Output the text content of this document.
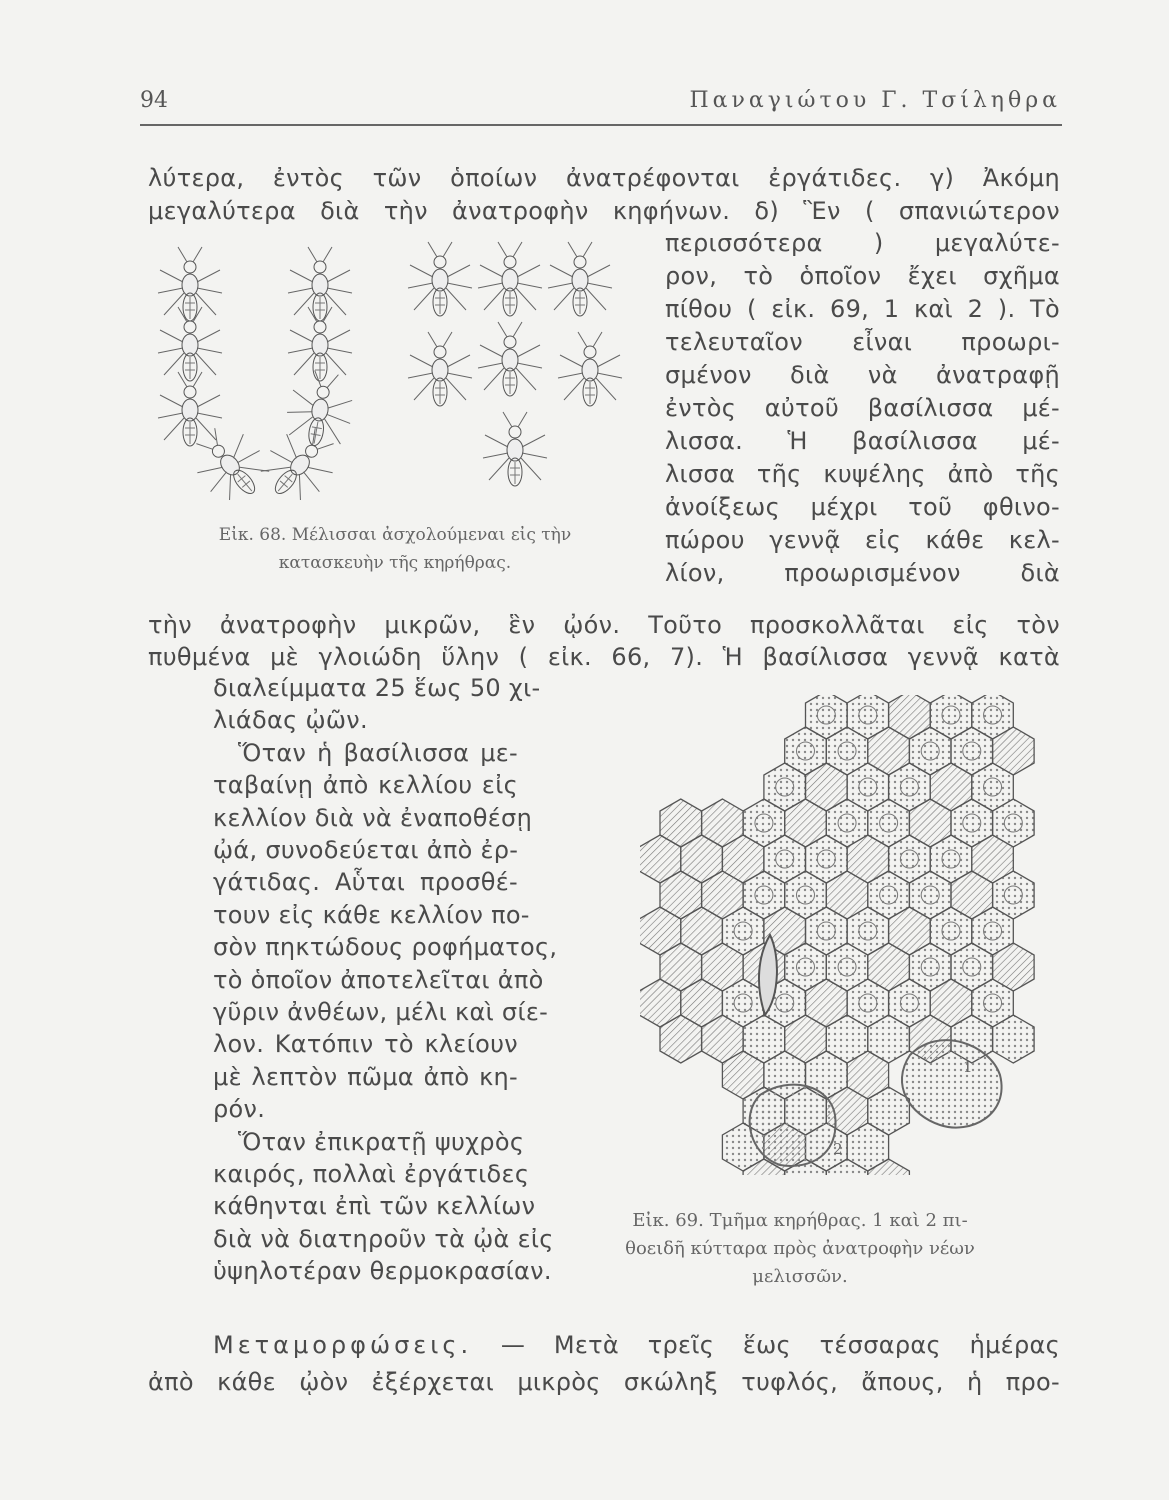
94	Παναγιώτου Γ. Τσίληθρα
λύτερα, ἐντὸς τῶν ὁποίων ἀνατρέφονται ἐργάτιδες. γ) Ἀκόμη
μεγαλύτερα διὰ τὴν ἀνατροφὴν κηφήνων. δ) Ἓν ( σπανιώτερον
περισσότερα ) μεγαλύτε-
ρον, τὸ ὁποῖον ἔχει σχῆμα
πίθου ( εἰκ. 69, 1 καὶ 2 ). Τὸ
τελευταῖον εἶναι προωρι-
σμένον διὰ νὰ ἀνατραφῇ
ἐντὸς αὐτοῦ βασίλισσα μέ-
λισσα. Ἡ βασίλισσα μέ-
λισσα τῆς κυψέλης ἀπὸ τῆς
ἀνοίξεως μέχρι τοῦ φθινο-
πώρου γεννᾷ εἰς κάθε κελ-
λίον, προωρισμένον διὰ
Εἰκ. 68. Μέλισσαι ἀσχολούμεναι εἰς τὴν
κατασκευὴν τῆς κηρήθρας.
τὴν ἀνατροφὴν μικρῶν, ἓν ᾠόν. Τοῦτο προσκολλᾶται εἰς τὸν
πυθμένα μὲ γλοιώδη ὕλην ( εἰκ. 66, 7). Ἡ βασίλισσα γεννᾷ κατὰ
διαλείμματα 25 ἕως 50 χι-
λιάδας ᾠῶν.
Ὅταν ἡ βασίλισσα με-
ταβαίνῃ ἀπὸ κελλίου εἰς
κελλίον διὰ νὰ ἐναποθέσῃ
ᾠά, συνοδεύεται ἀπὸ ἐρ-
γάτιδας. Αὗται προσθέ-
τουν εἰς κάθε κελλίον πο-
σὸν πηκτώδους ροφήματος,
τὸ ὁποῖον ἀποτελεῖται ἀπὸ
γῦριν ἀνθέων, μέλι καὶ σίε-
λον. Κατόπιν τὸ κλείουν
μὲ λεπτὸν πῶμα ἀπὸ κη-
ρόν.
Ὅταν ἐπικρατῇ ψυχρὸς
καιρός, πολλαὶ ἐργάτιδες
κάθηνται ἐπὶ τῶν κελλίων
διὰ νὰ διατηροῦν τὰ ᾠὰ εἰς
ὑψηλοτέραν θερμοκρασίαν.
1
2
Εἰκ. 69. Τμῆμα κηρήθρας. 1 καὶ 2 πι-
θοειδῆ κύτταρα πρὸς ἀνατροφὴν νέων
μελισσῶν.
Μεταμορφώσεις. — Μετὰ τρεῖς ἕως τέσσαρας ἡμέρας
ἀπὸ κάθε ᾠὸν ἐξέρχεται μικρὸς σκώληξ τυφλός, ἄπους, ἡ προ-
